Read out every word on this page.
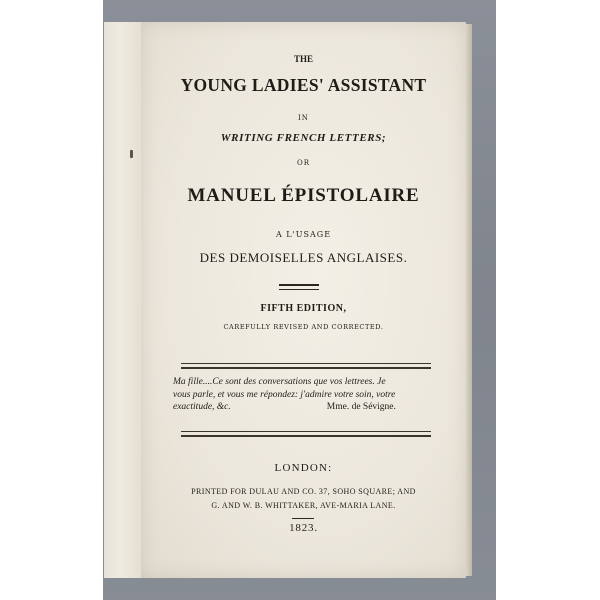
THE
YOUNG LADIES' ASSISTANT
IN
WRITING FRENCH LETTERS;
OR
MANUEL ÉPISTOLAIRE
A L'USAGE
DES DEMOISELLES ANGLAISES.
FIFTH EDITION,
CAREFULLY REVISED AND CORRECTED.
Ma fille....Ce sont des conversations que vos lettrees. Je
vous parle, et vous me répondez: j'admire votre soin, votre
exactitude, &c.	Mme. de Sévigne.
LONDON:
PRINTED FOR DULAU AND CO. 37, SOHO SQUARE; AND
G. AND W. B. WHITTAKER, AVE-MARIA LANE.
1823.
